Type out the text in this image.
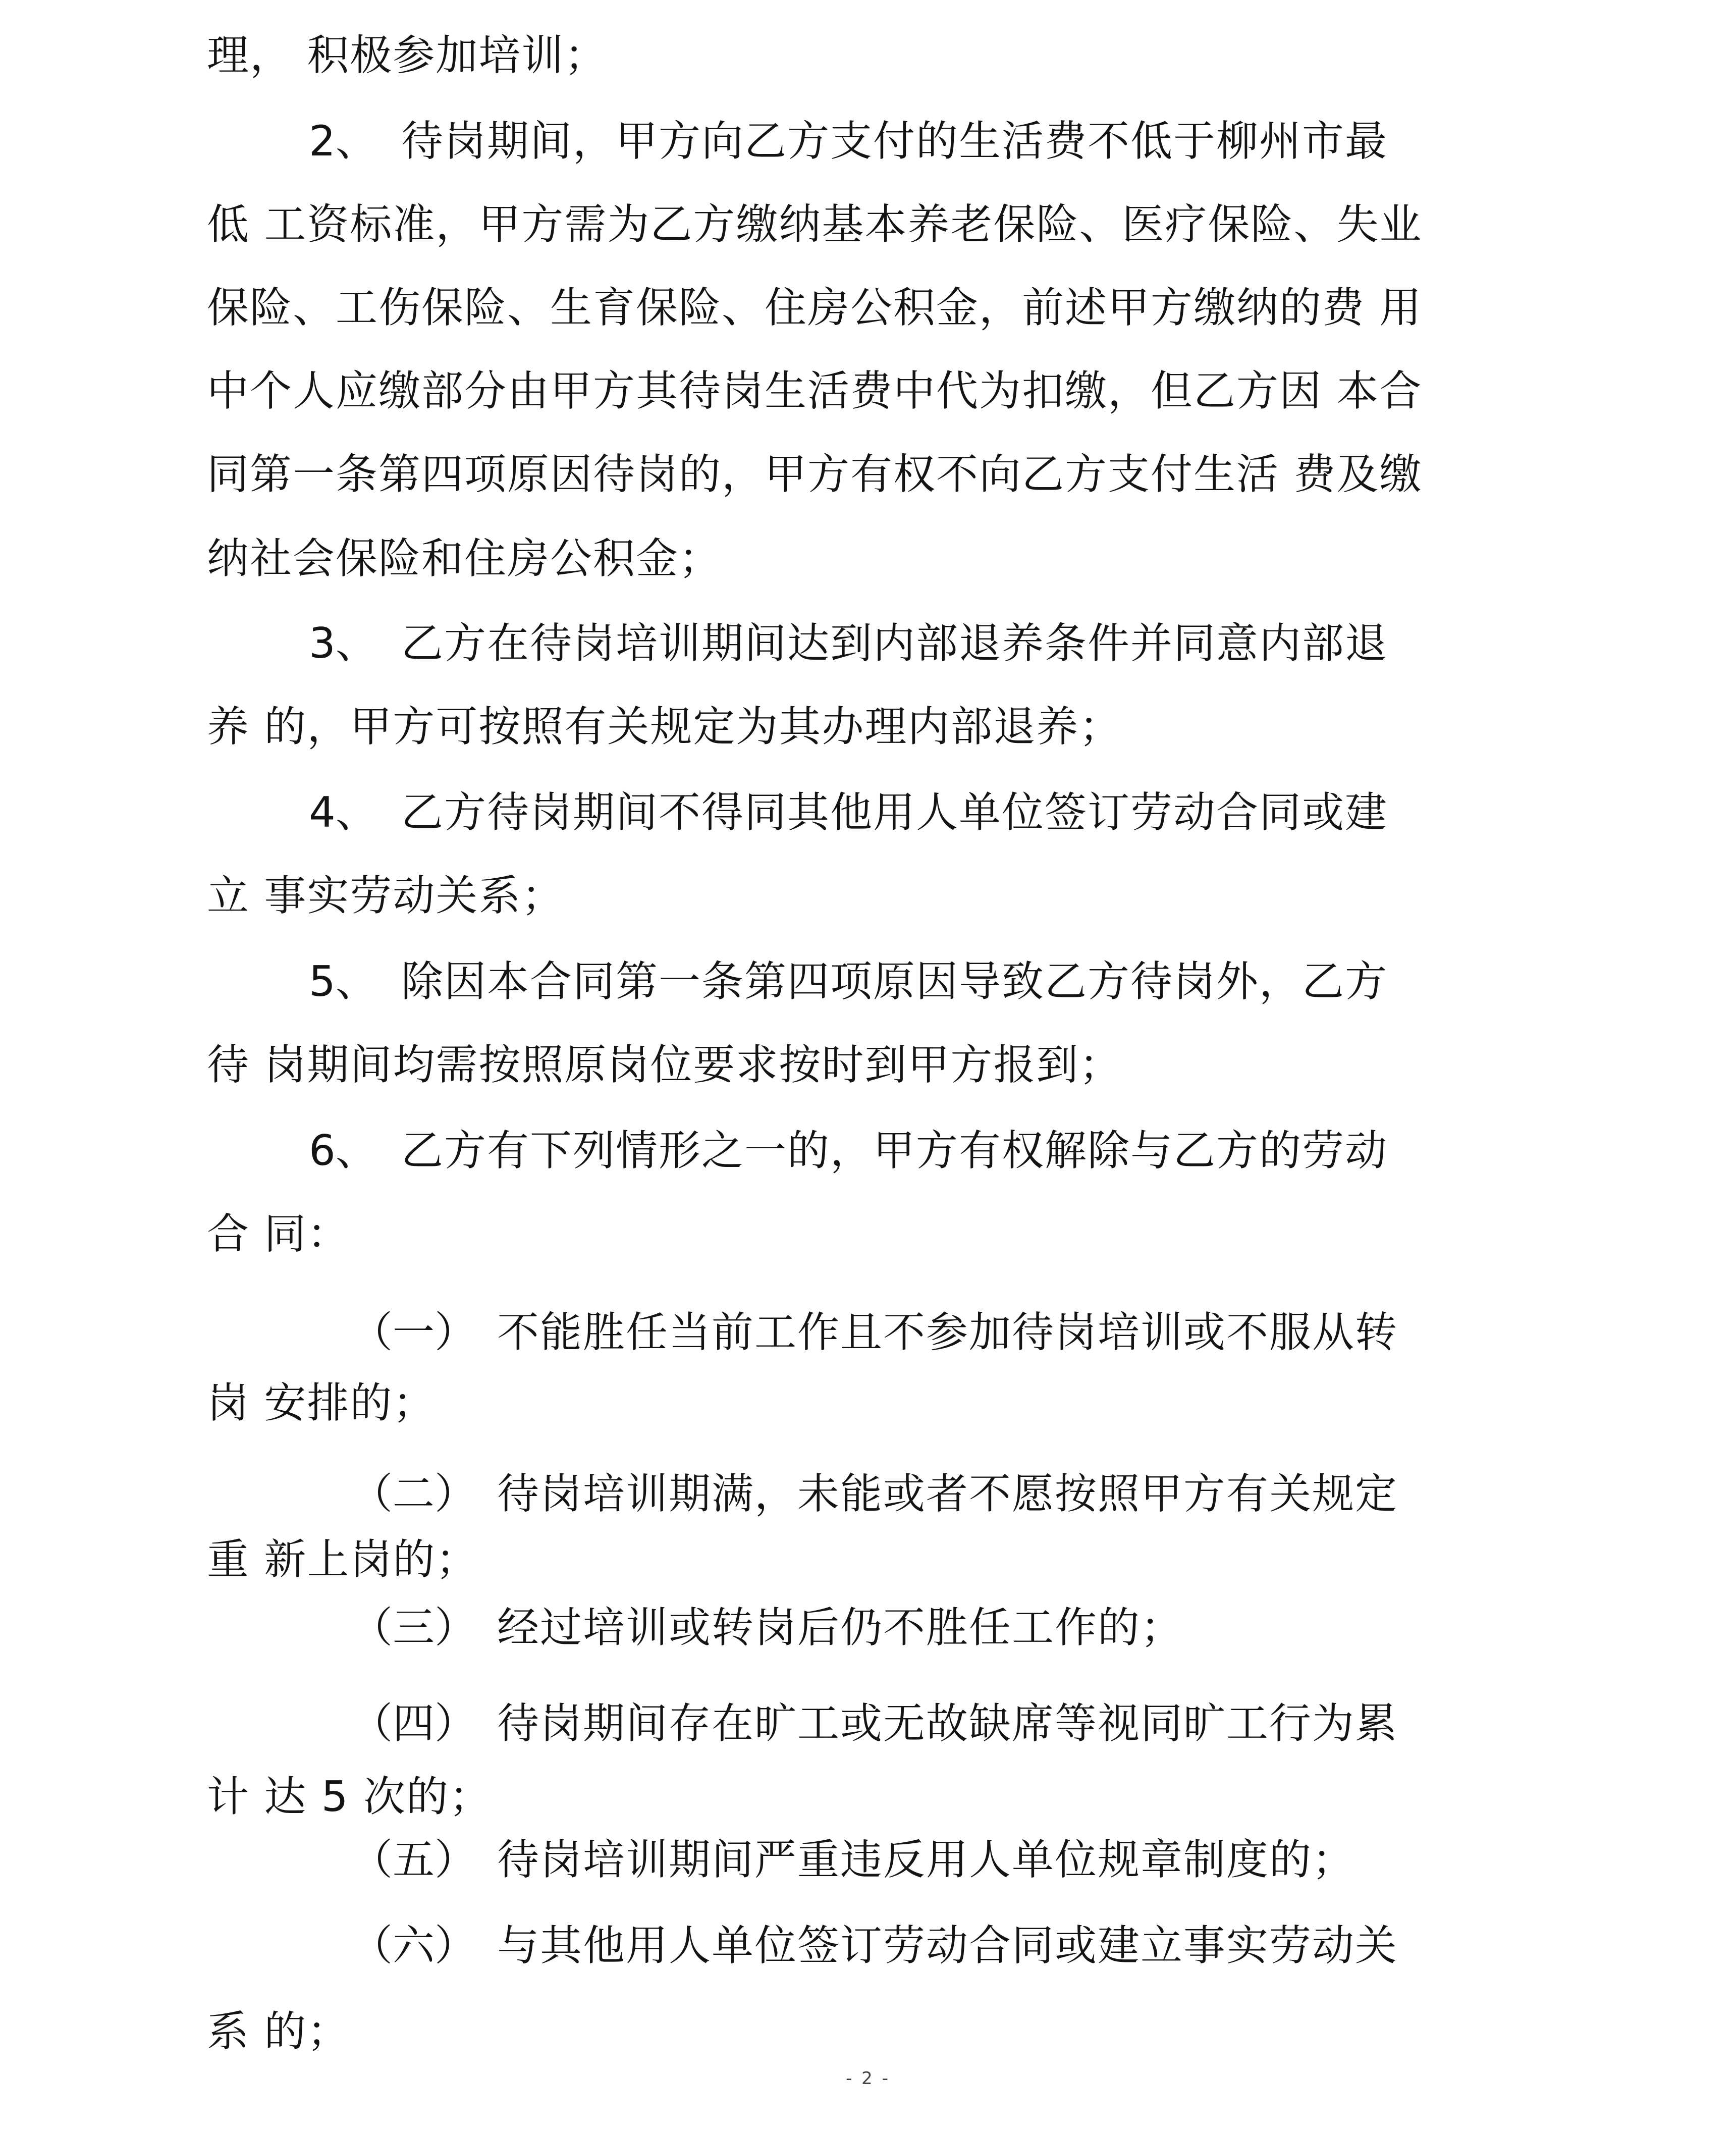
理， 积极参加培训；
2、 待岗期间，甲方向乙方支付的生活费不低于柳州市最
低 工资标准，甲方需为乙方缴纳基本养老保险、医疗保险、失业
保险、工伤保险、生育保险、住房公积金，前述甲方缴纳的费 用
中个人应缴部分由甲方其待岗生活费中代为扣缴，但乙方因 本合
同第一条第四项原因待岗的，甲方有权不向乙方支付生活 费及缴
纳社会保险和住房公积金；
3、 乙方在待岗培训期间达到内部退养条件并同意内部退
养 的，甲方可按照有关规定为其办理内部退养；
4、 乙方待岗期间不得同其他用人单位签订劳动合同或建
立 事实劳动关系；
5、 除因本合同第一条第四项原因导致乙方待岗外，乙方
待 岗期间均需按照原岗位要求按时到甲方报到；
6、 乙方有下列情形之一的，甲方有权解除与乙方的劳动
合 同：
（一） 不能胜任当前工作且不参加待岗培训或不服从转
岗 安排的；
（二） 待岗培训期满，未能或者不愿按照甲方有关规定
重 新上岗的；
（三） 经过培训或转岗后仍不胜任工作的；
（四） 待岗期间存在旷工或无故缺席等视同旷工行为累
计 达 5 次的；
（五） 待岗培训期间严重违反用人单位规章制度的；
（六） 与其他用人单位签订劳动合同或建立事实劳动关
系 的；
- 2 -
